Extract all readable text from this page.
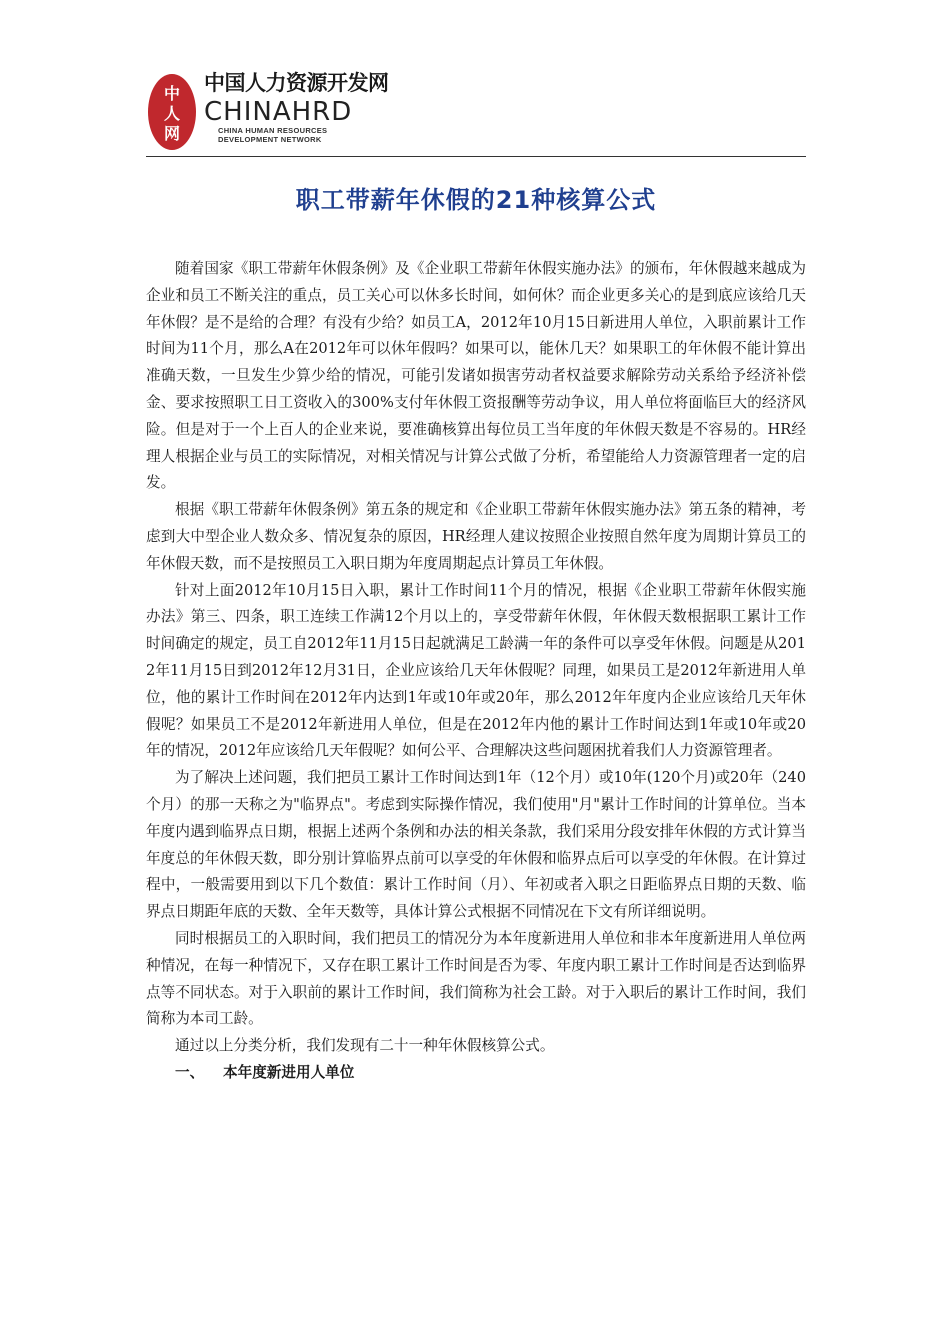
中
人
网
中国人力资源开发网
CHINAHRD
CHINA HUMAN RESOURCES
DEVELOPMENT NETWORK
职工带薪年休假的21种核算公式

随着国家《职工带薪年休假条例》及《企业职工带薪年休假实施办法》的颁布，年休假越来越成为企业和员工不断关注的重点，员工关心可以休多长时间，如何休？而企业更多关心的是到底应该给几天年休假？是不是给的合理？有没有少给？如员工A，2012年10月15日新进用人单位，入职前累计工作时间为11个月，那么A在2012年可以休年假吗？如果可以，能休几天？如果职工的年休假不能计算出准确天数，一旦发生少算少给的情况，可能引发诸如损害劳动者权益要求解除劳动关系给予经济补偿金、要求按照职工日工资收入的300%支付年休假工资报酬等劳动争议，用人单位将面临巨大的经济风险。但是对于一个上百人的企业来说，要准确核算出每位员工当年度的年休假天数是不容易的。HR经理人根据企业与员工的实际情况，对相关情况与计算公式做了分析，希望能给人力资源管理者一定的启发。

根据《职工带薪年休假条例》第五条的规定和《企业职工带薪年休假实施办法》第五条的精神，考虑到大中型企业人数众多、情况复杂的原因，HR经理人建议按照企业按照自然年度为周期计算员工的年休假天数，而不是按照员工入职日期为年度周期起点计算员工年休假。

针对上面2012年10月15日入职，累计工作时间11个月的情况，根据《企业职工带薪年休假实施办法》第三、四条，职工连续工作满12个月以上的，享受带薪年休假，年休假天数根据职工累计工作时间确定的规定，员工自2012年11月15日起就满足工龄满一年的条件可以享受年休假。问题是从2012年11月15日到2012年12月31日，企业应该给几天年休假呢？同理，如果员工是2012年新进用人单位，他的累计工作时间在2012年内达到1年或10年或20年，那么2012年年度内企业应该给几天年休假呢？如果员工不是2012年新进用人单位，但是在2012年内他的累计工作时间达到1年或10年或20年的情况，2012年应该给几天年假呢？如何公平、合理解决这些问题困扰着我们人力资源管理者。

为了解决上述问题，我们把员工累计工作时间达到1年（12个月）或10年(120个月)或20年（240个月）的那一天称之为"临界点"。考虑到实际操作情况，我们使用"月"累计工作时间的计算单位。当本年度内遇到临界点日期，根据上述两个条例和办法的相关条款，我们采用分段安排年休假的方式计算当年度总的年休假天数，即分别计算临界点前可以享受的年休假和临界点后可以享受的年休假。在计算过程中，一般需要用到以下几个数值：累计工作时间（月）、年初或者入职之日距临界点日期的天数、临界点日期距年底的天数、全年天数等，具体计算公式根据不同情况在下文有所详细说明。

同时根据员工的入职时间，我们把员工的情况分为本年度新进用人单位和非本年度新进用人单位两种情况，在每一种情况下，又存在职工累计工作时间是否为零、年度内职工累计工作时间是否达到临界点等不同状态。对于入职前的累计工作时间，我们简称为社会工龄。对于入职后的累计工作时间，我们简称为本司工龄。

通过以上分类分析，我们发现有二十一种年休假核算公式。

一、 本年度新进用人单位
